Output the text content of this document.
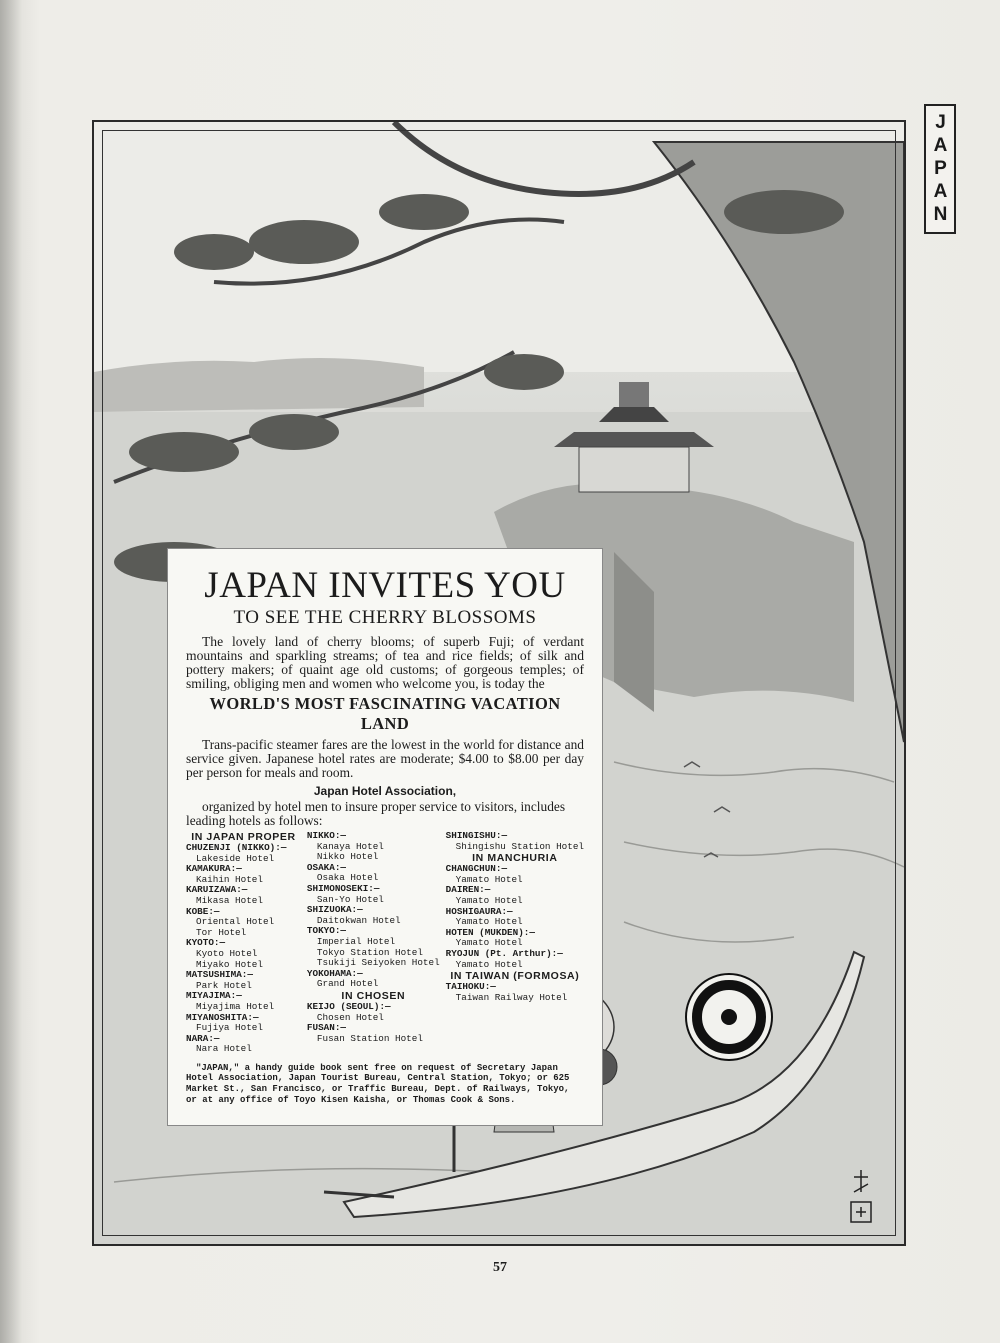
JAPAN
JAPAN INVITES YOU
TO SEE THE CHERRY BLOSSOMS

The lovely land of cherry blooms; of superb Fuji; of verdant mountains and sparkling streams; of tea and rice fields; of silk and pottery makers; of quaint age old customs; of gorgeous temples; of smiling, obliging men and women who welcome you, is today the

WORLD'S MOST FASCINATING VACATION LAND

Trans-pacific steamer fares are the lowest in the world for distance and service given. Japanese hotel rates are moderate; $4.00 to $8.00 per day per person for meals and room.

Japan Hotel Association,

organized by hotel men to insure proper service to visitors, includes leading hotels as follows:

IN JAPAN PROPER

CHUZENJI (NIKKO):—

Lakeside Hotel

KAMAKURA:—

Kaihin Hotel

KARUIZAWA:—

Mikasa Hotel

KOBE:—

Oriental Hotel

Tor Hotel

KYOTO:—

Kyoto Hotel

Miyako Hotel

MATSUSHIMA:—

Park Hotel

MIYAJIMA:—

Miyajima Hotel

MIYANOSHITA:—

Fujiya Hotel

NARA:—

Nara Hotel

NIKKO:—

Kanaya Hotel

Nikko Hotel

OSAKA:—

Osaka Hotel

SHIMONOSEKI:—

San-Yo Hotel

SHIZUOKA:—

Daitokwan Hotel

TOKYO:—

Imperial Hotel

Tokyo Station Hotel

Tsukiji Seiyoken Hotel

YOKOHAMA:—

Grand Hotel

IN CHOSEN

KEIJO (SEOUL):—

Chosen Hotel

FUSAN:—

Fusan Station Hotel

SHINGISHU:—

Shingishu Station Hotel

IN MANCHURIA

CHANGCHUN:—

Yamato Hotel

DAIREN:—

Yamato Hotel

HOSHIGAURA:—

Yamato Hotel

HOTEN (MUKDEN):—

Yamato Hotel

RYOJUN (Pt. Arthur):—

Yamato Hotel

IN TAIWAN (FORMOSA)

TAIHOKU:—

Taiwan Railway Hotel

"JAPAN," a handy guide book sent free on request of Secretary Japan Hotel Association, Japan Tourist Bureau, Central Station, Tokyo; or 625 Market St., San Francisco, or Traffic Bureau, Dept. of Railways, Tokyo, or at any office of Toyo Kisen Kaisha, or Thomas Cook & Sons.

57
